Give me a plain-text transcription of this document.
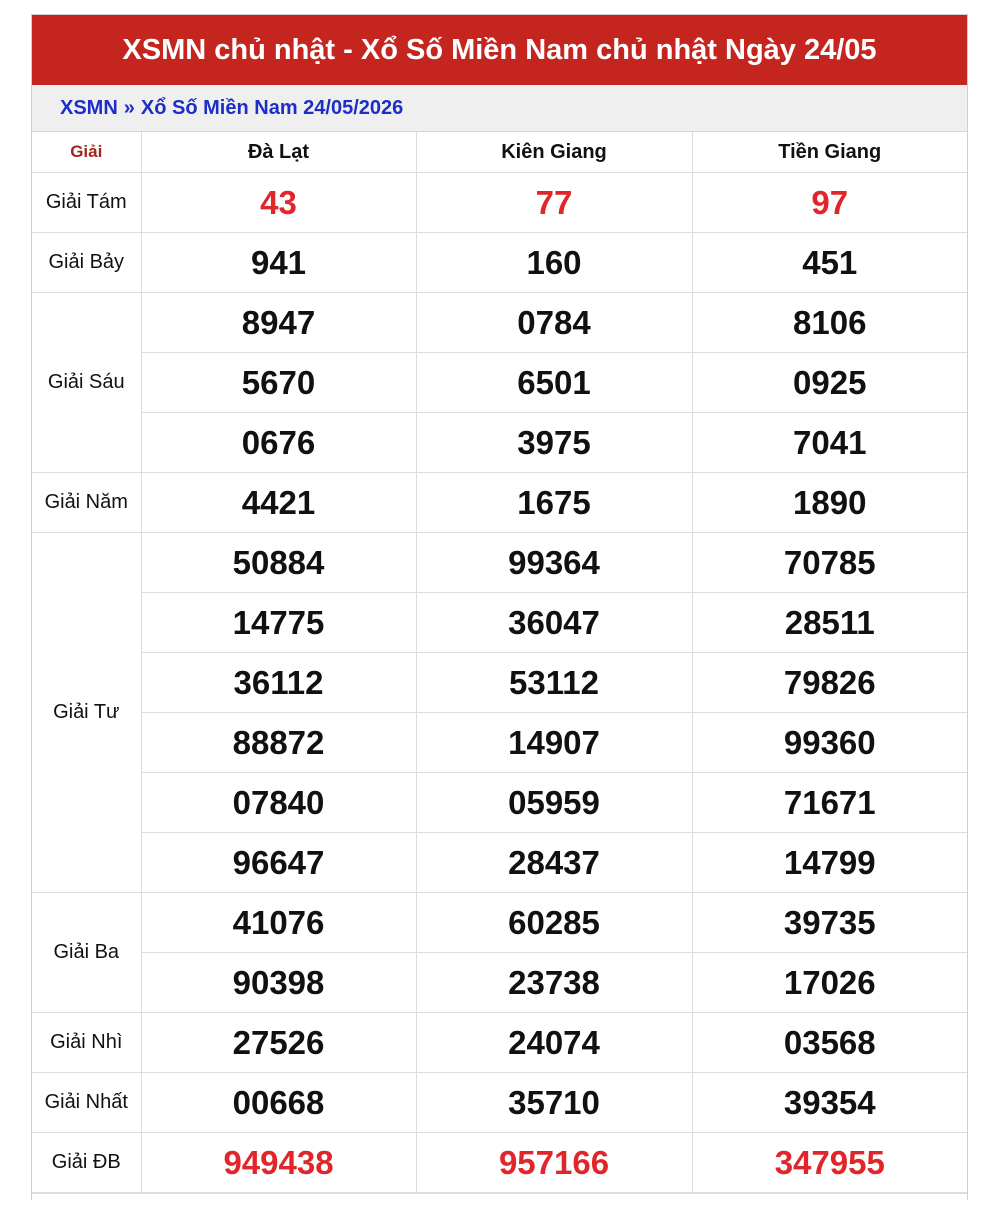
XSMN chủ nhật - Xổ Số Miền Nam chủ nhật Ngày 24/05
XSMN » Xổ Số Miền Nam 24/05/2026
Giải	Đà Lạt	Kiên Giang	Tiền Giang
Giải Tám	43	77	97
Giải Bảy	941	160	451
Giải Sáu	8947	0784	8106
	5670	6501	0925
	0676	3975	7041
Giải Năm	4421	1675	1890
Giải Tư	50884	99364	70785
	14775	36047	28511
	36112	53112	79826
	88872	14907	99360
	07840	05959	71671
	96647	28437	14799
Giải Ba	41076	60285	39735
	90398	23738	17026
Giải Nhì	27526	24074	03568
Giải Nhất	00668	35710	39354
Giải ĐB	949438	957166	347955
